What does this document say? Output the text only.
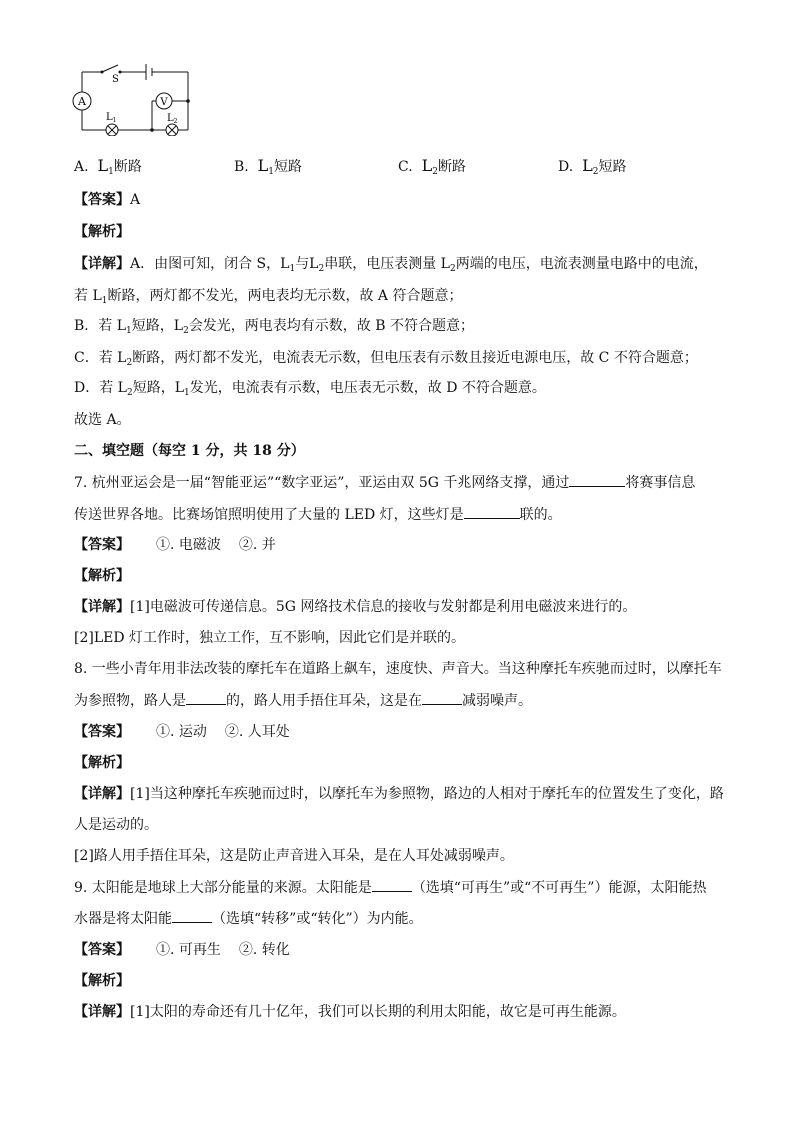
A	V
S
$L_1$	$L_2$
A. $L_1$断路	B. $L_1$短路	C. $L_2$断路	D. $L_2$短路
【答案】A
【解析】
【详解】A．由图可知，闭合 S，$L_1$与$L_2$串联，电压表测量 $L_2$两端的电压，电流表测量电路中的电流，
若 $L_1$断路，两灯都不发光，两电表均无示数，故 A 符合题意；
B．若 $L_1$短路，$L_2$会发光，两电表均有示数，故 B 不符合题意；
C．若 $L_2$断路，两灯都不发光，电流表无示数，但电压表有示数且接近电源电压，故 C 不符合题意；
D．若 $L_2$短路，$L_1$发光，电流表有示数，电压表无示数，故 D 不符合题意。
故选 A。
二、填空题（每空 1 分，共 18 分）
7. 杭州亚运会是一届“智能亚运”“数字亚运”，亚运由双 5G 千兆网络支撑，通过	将赛事信息
传送世界各地。比赛场馆照明使用了大量的 LED 灯，这些灯是	联的。
【答案】 ①. 电磁波 ②. 并
【解析】
【详解】[1]电磁波可传递信息。5G 网络技术信息的接收与发射都是利用电磁波来进行的。
[2]LED 灯工作时，独立工作，互不影响，因此它们是并联的。
8. 一些小青年用非法改装的摩托车在道路上飙车，速度快、声音大。当这种摩托车疾驰而过时，以摩托车
为参照物，路人是	的，路人用手捂住耳朵，这是在	减弱噪声。
【答案】 ①. 运动 ②. 人耳处
【解析】
【详解】[1]当这种摩托车疾驰而过时，以摩托车为参照物，路边的人相对于摩托车的位置发生了变化，路
人是运动的。
[2]路人用手捂住耳朵，这是防止声音进入耳朵，是在人耳处减弱噪声。
9. 太阳能是地球上大部分能量的来源。太阳能是	（选填“可再生”或“不可再生”）能源，太阳能热
水器是将太阳能	（选填“转移”或“转化”）为内能。
【答案】 ①. 可再生 ②. 转化
【解析】
【详解】[1]太阳的寿命还有几十亿年，我们可以长期的利用太阳能，故它是可再生能源。
